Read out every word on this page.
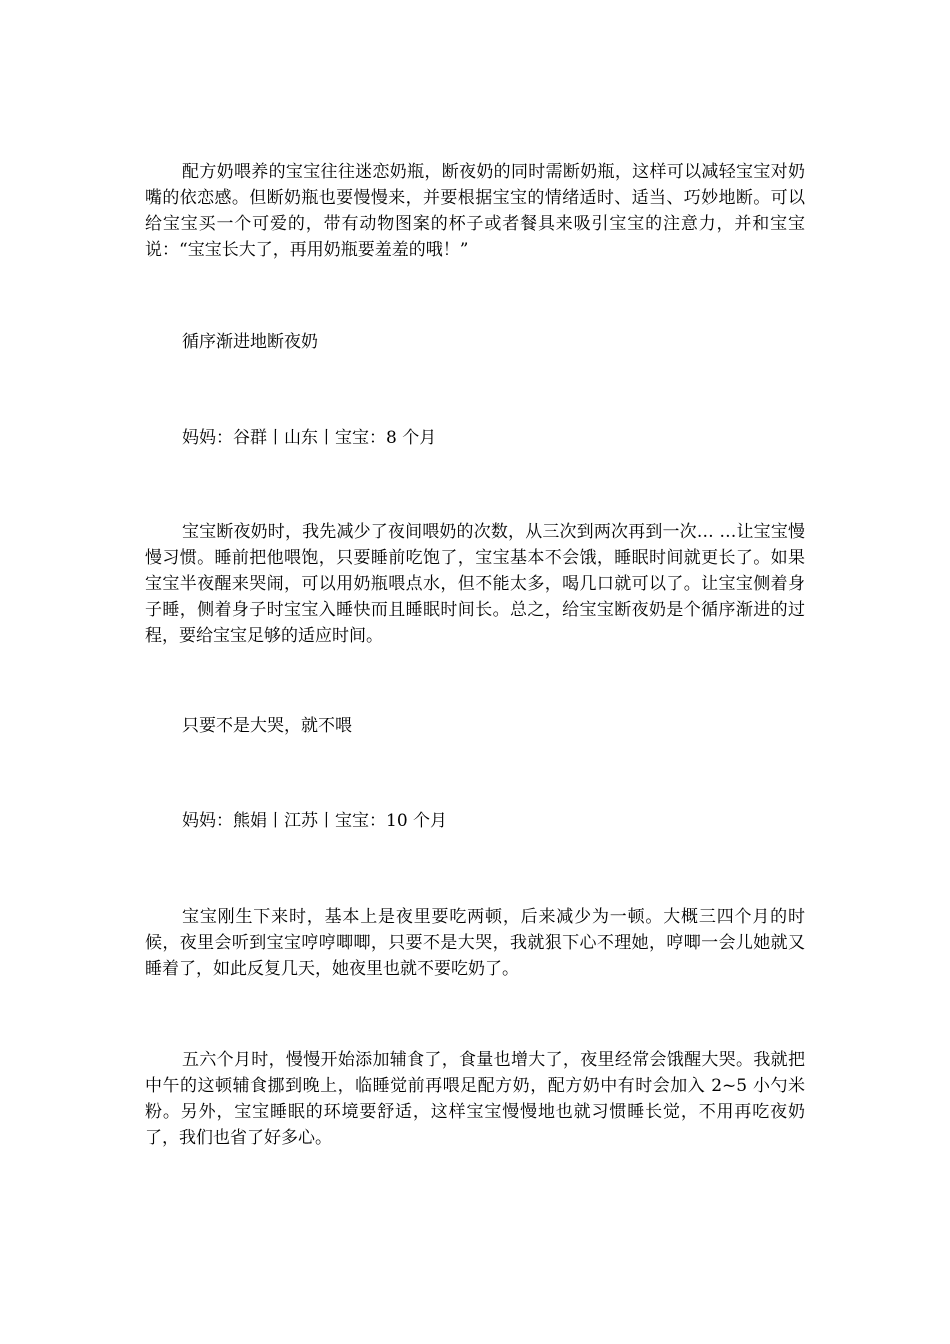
配方奶喂养的宝宝往往迷恋奶瓶，断夜奶的同时需断奶瓶，这样可以减轻宝宝对奶嘴的依恋感。但断奶瓶也要慢慢来，并要根据宝宝的情绪适时、适当、巧妙地断。可以给宝宝买一个可爱的，带有动物图案的杯子或者餐具来吸引宝宝的注意力，并和宝宝说：“宝宝长大了，再用奶瓶要羞羞的哦！”

循序渐进地断夜奶

妈妈：谷群丨山东丨宝宝：8 个月

宝宝断夜奶时，我先减少了夜间喂奶的次数，从三次到两次再到一次… …让宝宝慢慢习惯。睡前把他喂饱，只要睡前吃饱了，宝宝基本不会饿，睡眠时间就更长了。如果宝宝半夜醒来哭闹，可以用奶瓶喂点水，但不能太多，喝几口就可以了。让宝宝侧着身子睡，侧着身子时宝宝入睡快而且睡眠时间长。总之，给宝宝断夜奶是个循序渐进的过程，要给宝宝足够的适应时间。

只要不是大哭，就不喂

妈妈：熊娟丨江苏丨宝宝：10 个月

宝宝刚生下来时，基本上是夜里要吃两顿，后来减少为一顿。大概三四个月的时候，夜里会听到宝宝哼哼唧唧，只要不是大哭，我就狠下心不理她，哼唧一会儿她就又睡着了，如此反复几天，她夜里也就不要吃奶了。

五六个月时，慢慢开始添加辅食了，食量也增大了，夜里经常会饿醒大哭。我就把中午的这顿辅食挪到晚上，临睡觉前再喂足配方奶，配方奶中有时会加入 2~5 小勺米粉。另外，宝宝睡眠的环境要舒适，这样宝宝慢慢地也就习惯睡长觉，不用再吃夜奶了，我们也省了好多心。
